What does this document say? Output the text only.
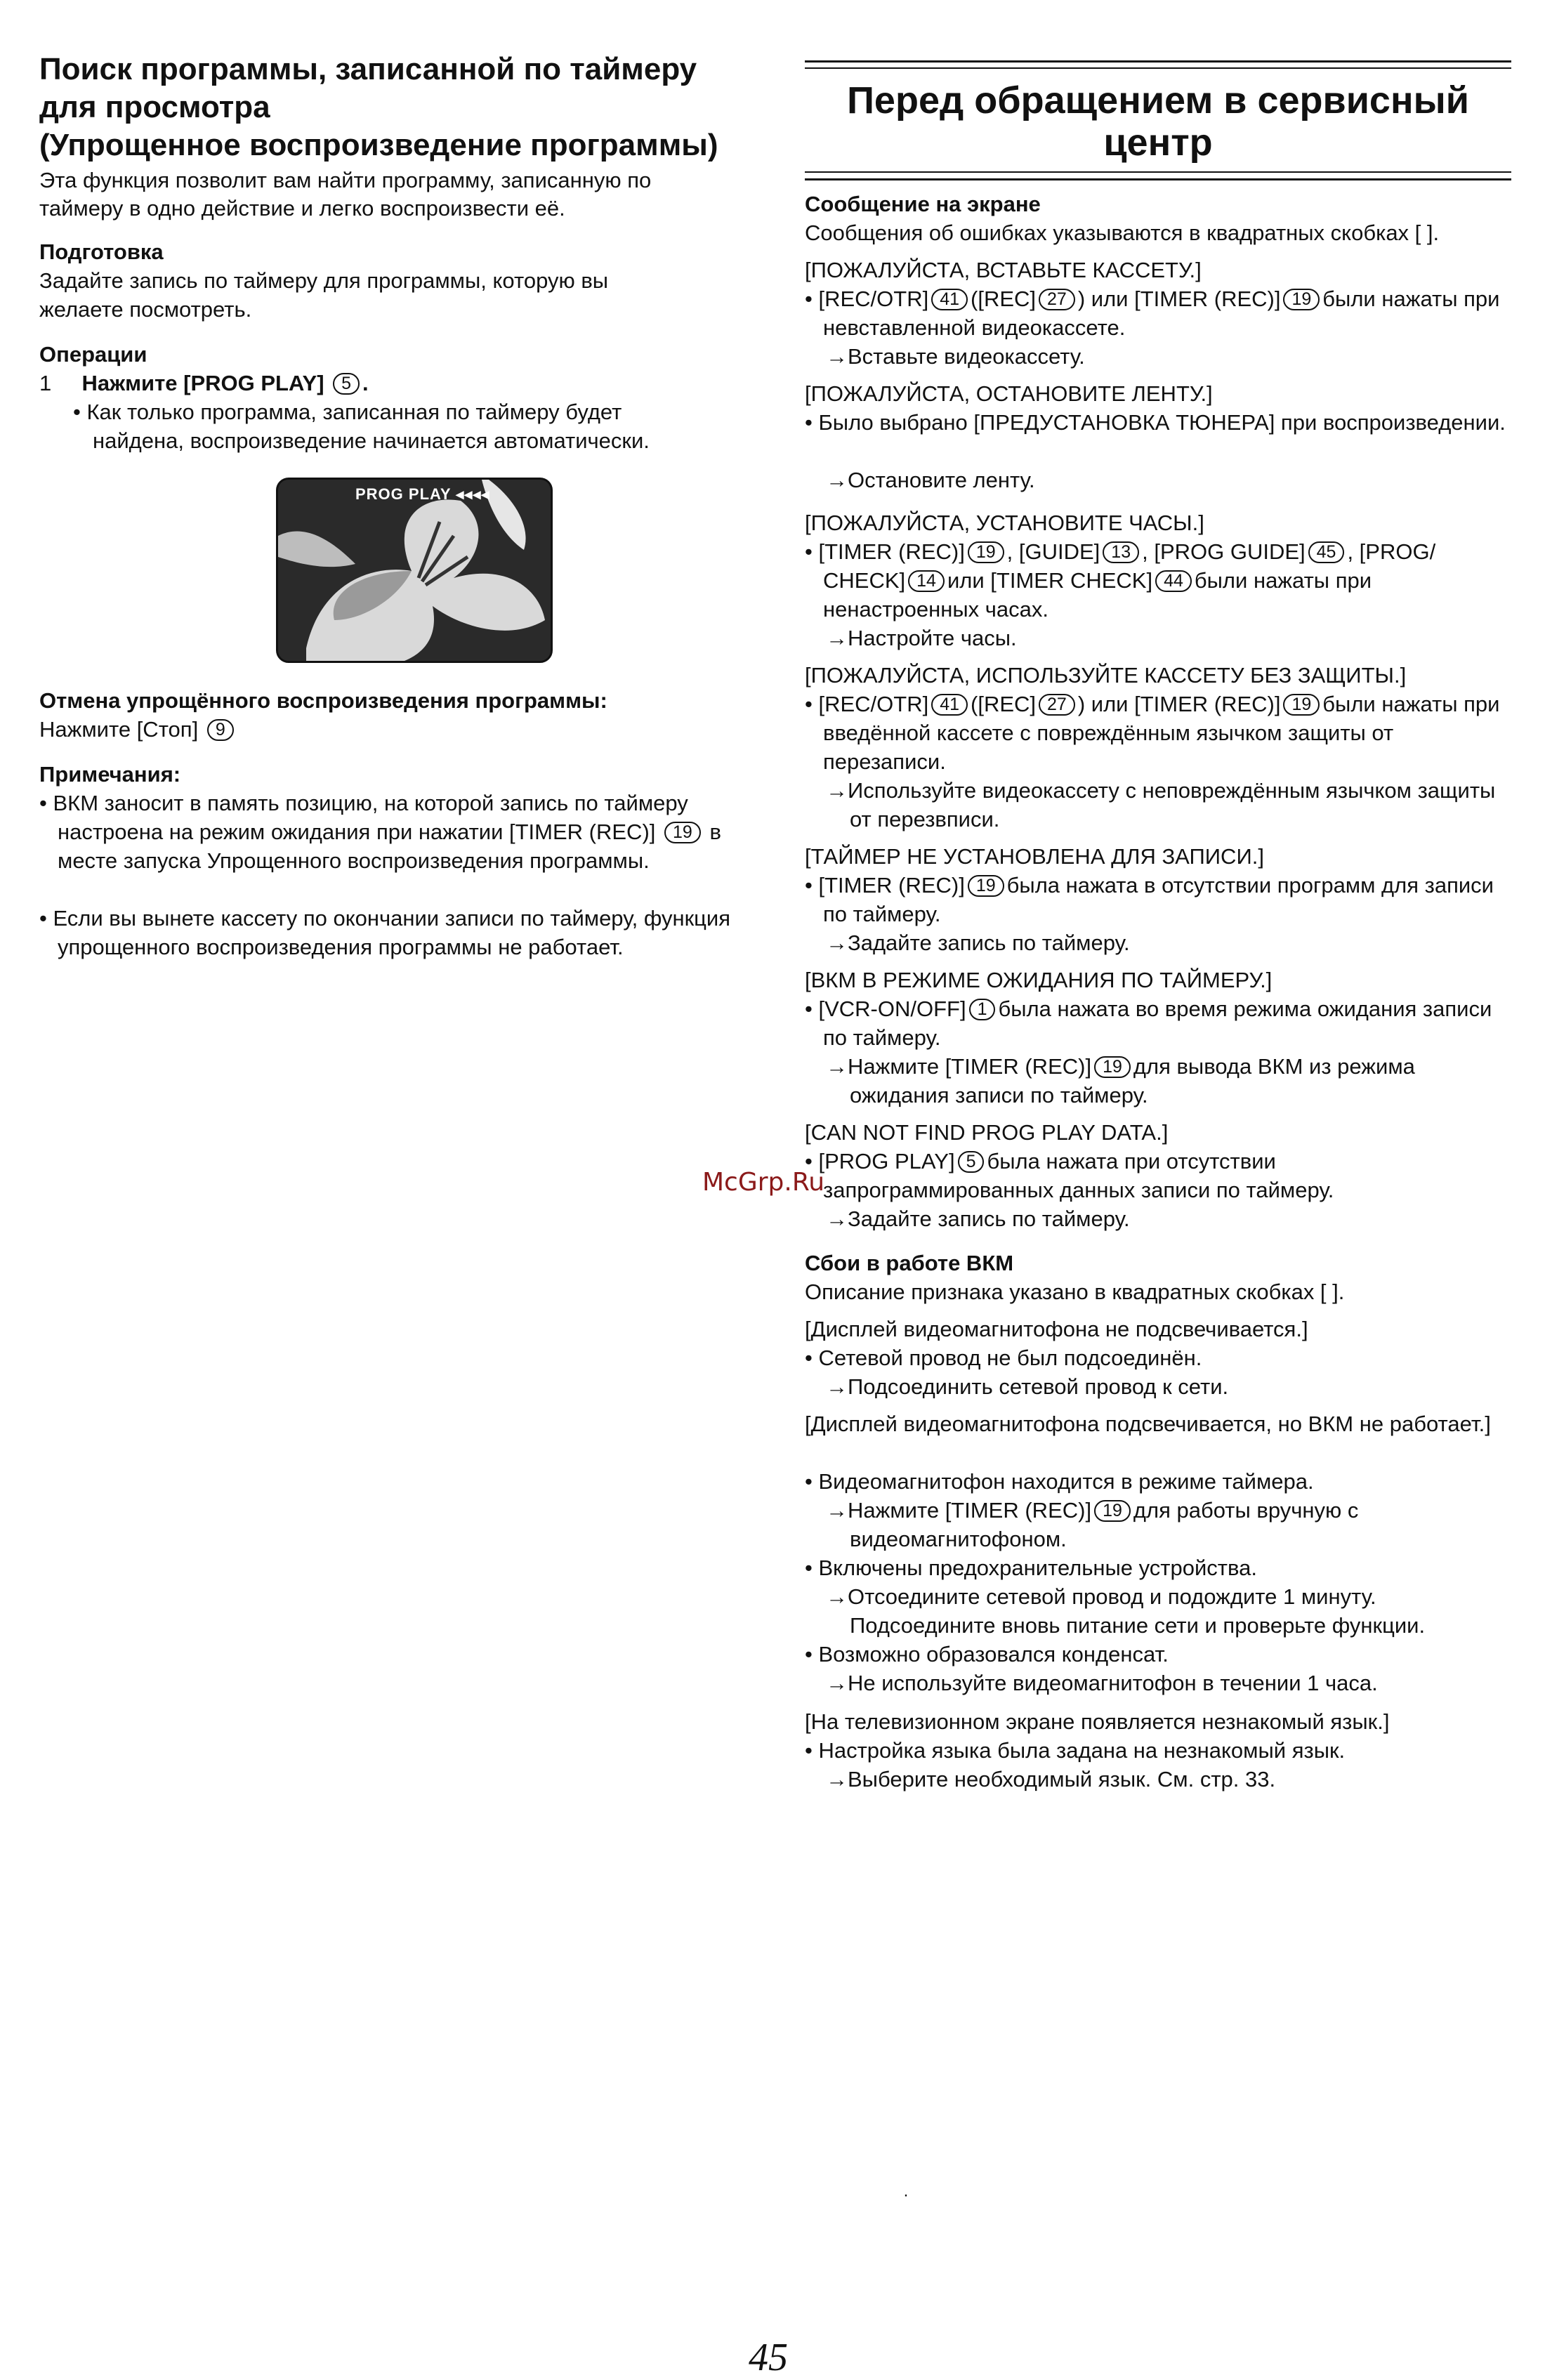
Поиск программы, записанной по таймеру
для просмотра
(Упрощенное воспроизведение программы)
Эта функция позволит вам найти программу, записанную по
таймеру в одно действие и легко воспроизвести её.
Подготовка
Задайте запись по таймеру для программы, которую вы
желаете посмотреть.
Операции
1 Нажмите [PROG PLAY] 5 .
• Как только программа, записанная по таймеру будет
найдена, воспроизведение начинается автоматически.
PROG PLAY ◂◂◂◂
Отмена упрощённого воспроизведения программы:
Нажмите [Стоп] 9
Примечания:
• ВКМ заносит в память позицию, на которой запись по таймеру настроена на режим ожидания при нажатии [TIMER (REC)] 19 в месте запуска Упрощенного воспроизведения программы.
• Если вы вынете кассету по окончании записи по таймеру, функция упрощенного воспроизведения программы не работает.
Перед обращением в сервисный
центр
Сообщение на экране
Сообщения об ошибках указываются в квадратных скобках [ ].
[ПОЖАЛУЙСТА, ВСТАВЬТЕ КАССЕТУ.]
• [REC/OTR] 41 ([REC] 27 ) или [TIMER (REC)] 19 были нажаты при невставленной видеокассете.
→Вставьте видеокассету.
[ПОЖАЛУЙСТА, ОСТАНОВИТЕ ЛЕНТУ.]
• Было выбрано [ПРЕДУСТАНОВКА ТЮНЕРА] при воспроизведении.
→Остановите ленту.
[ПОЖАЛУЙСТА, УСТАНОВИТЕ ЧАСЫ.]
• [TIMER (REC)] 19 , [GUIDE] 13 , [PROG GUIDE] 45 , [PROG/ CHECK] 14 или [TIMER CHECK] 44 были нажаты при ненастроенных часах.
→Настройте часы.
[ПОЖАЛУЙСТА, ИСПОЛЬЗУЙТЕ КАССЕТУ БЕЗ ЗАЩИТЫ.]
• [REC/OTR] 41 ([REC] 27 ) или [TIMER (REC)] 19 были нажаты при введённой кассете с повреждённым язычком защиты от перезаписи.
→Используйте видеокассету с неповреждённым язычком защиты от перезвписи.
[ТАЙМЕР НЕ УСТАНОВЛЕНА ДЛЯ ЗАПИСИ.]
• [TIMER (REC)] 19 была нажата в отсутствии программ для записи по таймеру.
→Задайте запись по таймеру.
[ВКМ В РЕЖИМЕ ОЖИДАНИЯ ПО ТАЙМЕРУ.]
• [VCR-ON/OFF] 1 была нажата во время режима ожидания записи по таймеру.
→Нажмите [TIMER (REC)] 19 для вывода ВКМ из режима ожидания записи по таймеру.
[CAN NOT FIND PROG PLAY DATA.]
• [PROG PLAY] 5 была нажата при отсутствии запрограммированных данных записи по таймеру.
→Задайте запись по таймеру.
Сбои в работе ВКМ
Описание признака указано в квадратных скобках [ ].
[Дисплей видеомагнитофона не подсвечивается.]
• Сетевой провод не был подсоединён.
→Подсоединить сетевой провод к сети.
[Дисплей видеомагнитофона подсвечивается, но ВКМ не работает.]
• Видеомагнитофон находится в режиме таймера.
→Нажмите [TIMER (REC)] 19 для работы вручную с видеомагнитофоном.
• Включены предохранительные устройства.
→Отсоедините сетевой провод и подождите 1 минуту. Подсоедините вновь питание сети и проверьте функции.
• Возможно образовался конденсат.
→Не используйте видеомагнитофон в течении 1 часа.
[На телевизионном экране появляется незнакомый язык.]
• Настройка языка была задана на незнакомый язык.
→Выберите необходимый язык. См. стр. 33.
McGrp.Ru
·
45
